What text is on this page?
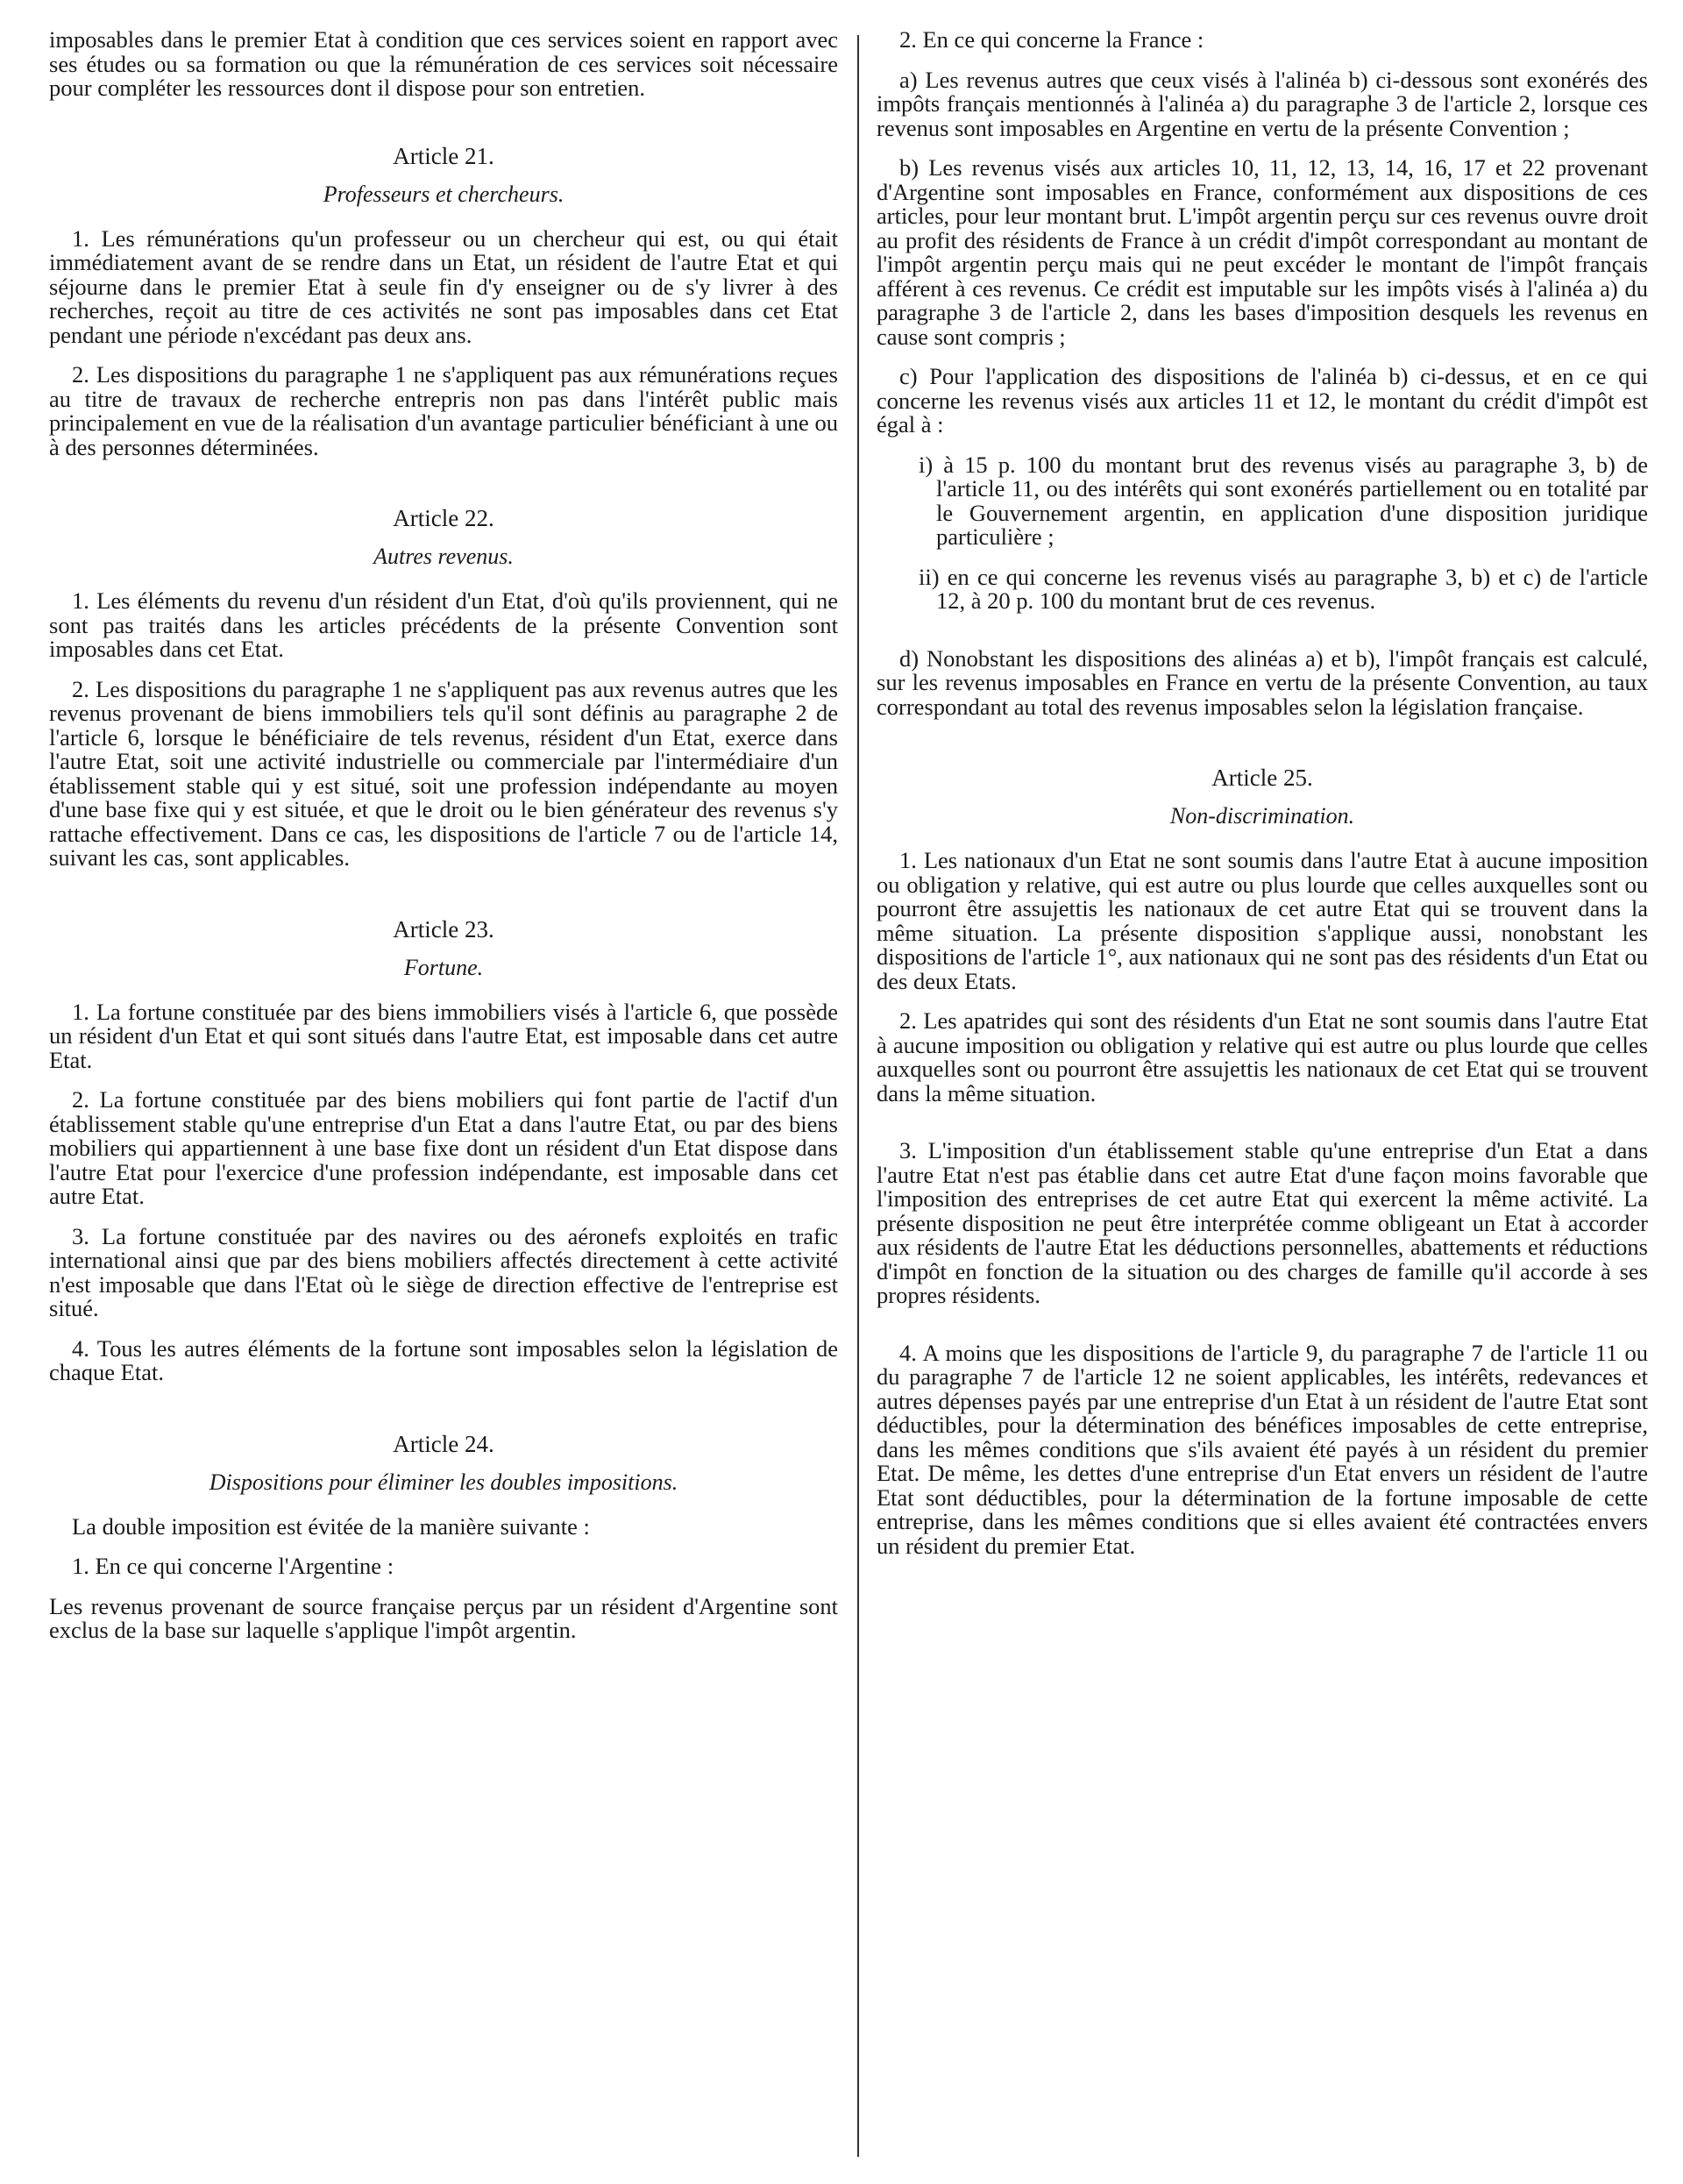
imposables dans le premier Etat à condition que ces services soient en rapport avec ses études ou sa formation ou que la rémunération de ces services soit nécessaire pour compléter les ressources dont il dispose pour son entretien.

Article 21.
Professeurs et chercheurs.

1. Les rémunérations qu'un professeur ou un chercheur qui est, ou qui était immédiatement avant de se rendre dans un Etat, un résident de l'autre Etat et qui séjourne dans le premier Etat à seule fin d'y enseigner ou de s'y livrer à des recherches, reçoit au titre de ces activités ne sont pas imposables dans cet Etat pendant une période n'excédant pas deux ans.

2. Les dispositions du paragraphe 1 ne s'appliquent pas aux rémunérations reçues au titre de travaux de recherche entrepris non pas dans l'intérêt public mais principalement en vue de la réalisation d'un avantage particulier bénéficiant à une ou à des personnes déterminées.

Article 22.
Autres revenus.

1. Les éléments du revenu d'un résident d'un Etat, d'où qu'ils proviennent, qui ne sont pas traités dans les articles précédents de la présente Convention sont imposables dans cet Etat.

2. Les dispositions du paragraphe 1 ne s'appliquent pas aux revenus autres que les revenus provenant de biens immobiliers tels qu'il sont définis au paragraphe 2 de l'article 6, lorsque le bénéficiaire de tels revenus, résident d'un Etat, exerce dans l'autre Etat, soit une activité industrielle ou commerciale par l'intermédiaire d'un établissement stable qui y est situé, soit une profession indépendante au moyen d'une base fixe qui y est située, et que le droit ou le bien générateur des revenus s'y rattache effectivement. Dans ce cas, les dispositions de l'article 7 ou de l'article 14, suivant les cas, sont applicables.

Article 23.
Fortune.

1. La fortune constituée par des biens immobiliers visés à l'article 6, que possède un résident d'un Etat et qui sont situés dans l'autre Etat, est imposable dans cet autre Etat.

2. La fortune constituée par des biens mobiliers qui font partie de l'actif d'un établissement stable qu'une entreprise d'un Etat a dans l'autre Etat, ou par des biens mobiliers qui appartiennent à une base fixe dont un résident d'un Etat dispose dans l'autre Etat pour l'exercice d'une profession indépendante, est imposable dans cet autre Etat.

3. La fortune constituée par des navires ou des aéronefs exploités en trafic international ainsi que par des biens mobiliers affectés directement à cette activité n'est imposable que dans l'Etat où le siège de direction effective de l'entreprise est situé.

4. Tous les autres éléments de la fortune sont imposables selon la législation de chaque Etat.

Article 24.
Dispositions pour éliminer les doubles impositions.

La double imposition est évitée de la manière suivante :

1. En ce qui concerne l'Argentine :

Les revenus provenant de source française perçus par un résident d'Argentine sont exclus de la base sur laquelle s'applique l'impôt argentin.

2. En ce qui concerne la France :

a) Les revenus autres que ceux visés à l'alinéa b) ci-dessous sont exonérés des impôts français mentionnés à l'alinéa a) du paragraphe 3 de l'article 2, lorsque ces revenus sont imposables en Argentine en vertu de la présente Convention ;

b) Les revenus visés aux articles 10, 11, 12, 13, 14, 16, 17 et 22 provenant d'Argentine sont imposables en France, conformément aux dispositions de ces articles, pour leur montant brut. L'impôt argentin perçu sur ces revenus ouvre droit au profit des résidents de France à un crédit d'impôt correspondant au montant de l'impôt argentin perçu mais qui ne peut excéder le montant de l'impôt français afférent à ces revenus. Ce crédit est imputable sur les impôts visés à l'alinéa a) du paragraphe 3 de l'article 2, dans les bases d'imposition desquels les revenus en cause sont compris ;

c) Pour l'application des dispositions de l'alinéa b) ci-dessus, et en ce qui concerne les revenus visés aux articles 11 et 12, le montant du crédit d'impôt est égal à :

i) à 15 p. 100 du montant brut des revenus visés au paragraphe 3, b) de l'article 11, ou des intérêts qui sont exonérés partiellement ou en totalité par le Gouvernement argentin, en application d'une disposition juridique particulière ;

ii) en ce qui concerne les revenus visés au paragraphe 3, b) et c) de l'article 12, à 20 p. 100 du montant brut de ces revenus.

d) Nonobstant les dispositions des alinéas a) et b), l'impôt français est calculé, sur les revenus imposables en France en vertu de la présente Convention, au taux correspondant au total des revenus imposables selon la législation française.

Article 25.
Non-discrimination.

1. Les nationaux d'un Etat ne sont soumis dans l'autre Etat à aucune imposition ou obligation y relative, qui est autre ou plus lourde que celles auxquelles sont ou pourront être assujettis les nationaux de cet autre Etat qui se trouvent dans la même situation. La présente disposition s'applique aussi, nonobstant les dispositions de l'article 1°, aux nationaux qui ne sont pas des résidents d'un Etat ou des deux Etats.

2. Les apatrides qui sont des résidents d'un Etat ne sont soumis dans l'autre Etat à aucune imposition ou obligation y relative qui est autre ou plus lourde que celles auxquelles sont ou pourront être assujettis les nationaux de cet Etat qui se trouvent dans la même situation.

3. L'imposition d'un établissement stable qu'une entreprise d'un Etat a dans l'autre Etat n'est pas établie dans cet autre Etat d'une façon moins favorable que l'imposition des entreprises de cet autre Etat qui exercent la même activité. La présente disposition ne peut être interprétée comme obligeant un Etat à accorder aux résidents de l'autre Etat les déductions personnelles, abattements et réductions d'impôt en fonction de la situation ou des charges de famille qu'il accorde à ses propres résidents.

4. A moins que les dispositions de l'article 9, du paragraphe 7 de l'article 11 ou du paragraphe 7 de l'article 12 ne soient applicables, les intérêts, redevances et autres dépenses payés par une entreprise d'un Etat à un résident de l'autre Etat sont déductibles, pour la détermination des bénéfices imposables de cette entreprise, dans les mêmes conditions que s'ils avaient été payés à un résident du premier Etat. De même, les dettes d'une entreprise d'un Etat envers un résident de l'autre Etat sont déductibles, pour la détermination de la fortune imposable de cette entreprise, dans les mêmes conditions que si elles avaient été contractées envers un résident du premier Etat.
